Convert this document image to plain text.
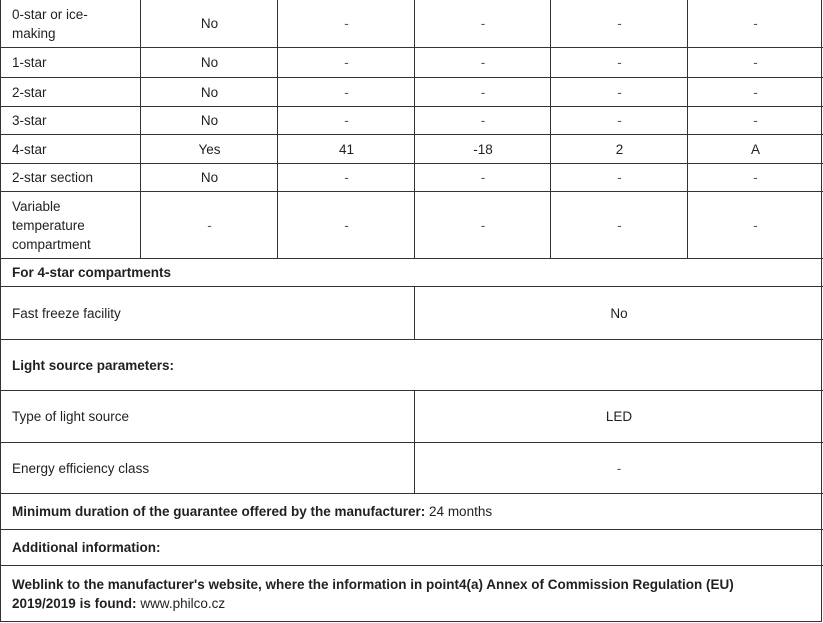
0-star or ice-
making
No	-	-	-	-
1-star	No	-	-	-	-
2-star	No	-	-	-	-
3-star	No	-	-	-	-
4-star	Yes	41	-18	2	A
2-star section	No	-	-	-	-
Variable
temperature
compartment
-	-	-	-	-
For 4-star compartments
Fast freeze facility	No
Light source parameters:
Type of light source	LED
Energy efficiency class	-
Minimum duration of the guarantee offered by the manufacturer: 24 months
Additional information:
Weblink to the manufacturer's website, where the information in point4(a) Annex of Commission Regulation (EU)
2019/2019 is found: www.philco.cz
